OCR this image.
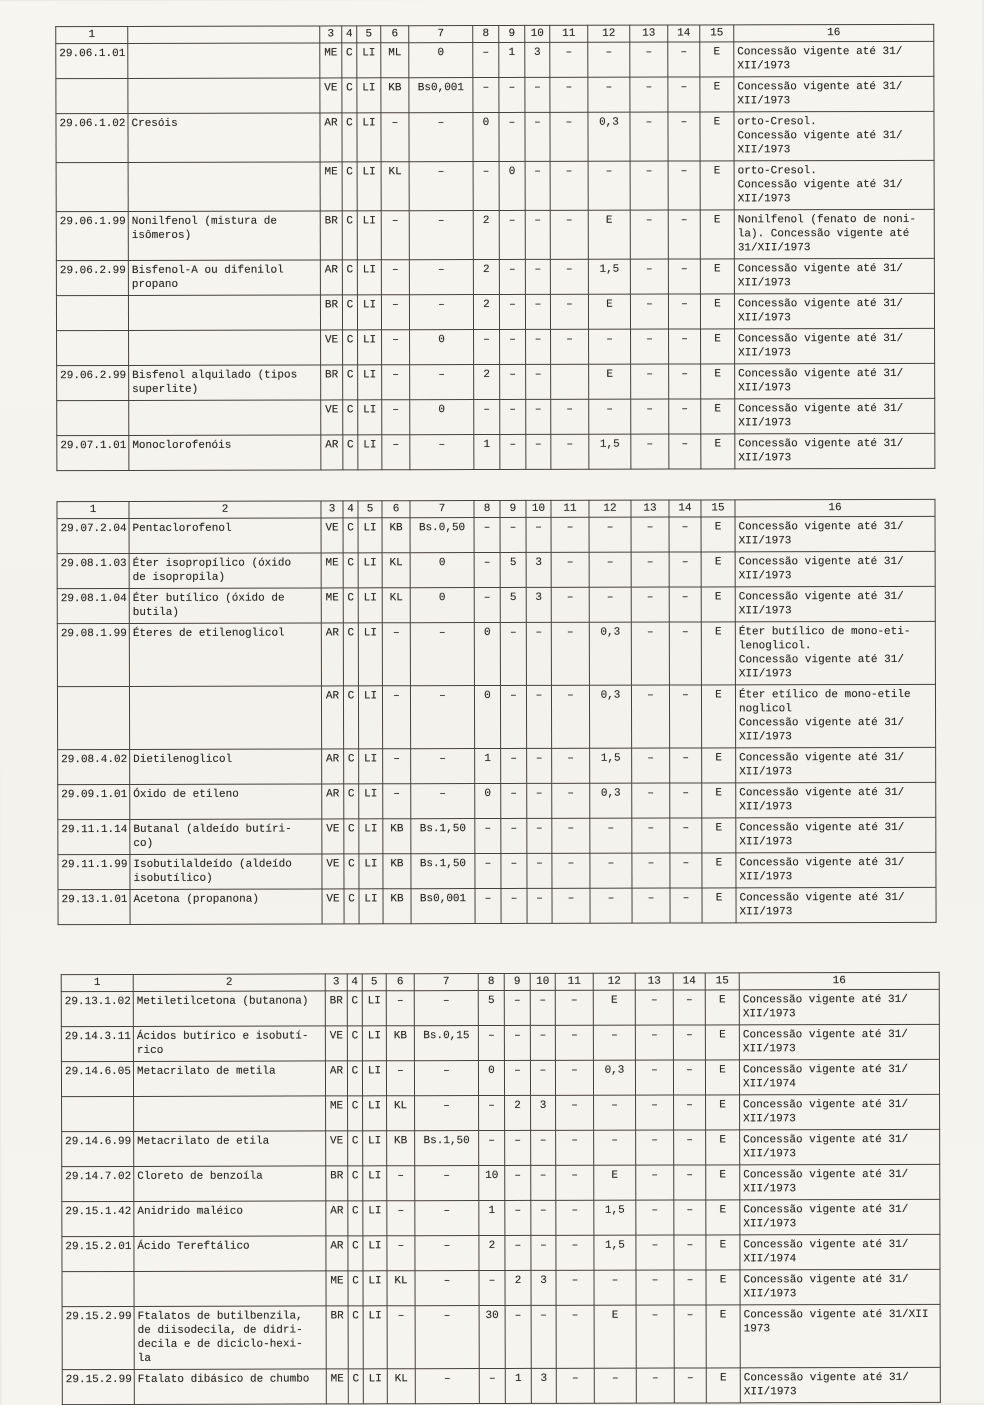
1		3	4	5	6	7	8	9	10	11	12	13	14	15	16
29.06.1.01		ME	C	LI	ML	0	–	1	3	–	–	–	–	E	Concessão vigente até 31/
XII/1973
		VE	C	LI	KB	Bs0,001	–	–	–	–	–	–	–	E	Concessão vigente até 31/
XII/1973
29.06.1.02	Cresóis	AR	C	LI	–	–	0	–	–	–	0,3	–	–	E	orto-Cresol.
Concessão vigente até 31/
XII/1973
		ME	C	LI	KL	–	–	0	–	–	–	–	–	E	orto-Cresol.
Concessão vigente até 31/
XII/1973
29.06.1.99	Nonilfenol (mistura de
isômeros)	BR	C	LI	–	–	2	–	–	–	E	–	–	E	Nonilfenol (fenato de noni-
la). Concessão vigente até
31/XII/1973
29.06.2.99	Bisfenol-A ou difenilol
propano	AR	C	LI	–	–	2	–	–	–	1,5	–	–	E	Concessão vigente até 31/
XII/1973
		BR	C	LI	–	–	2	–	–	–	E	–	–	E	Concessão vigente até 31/
XII/1973
		VE	C	LI	–	0	–	–	–	–	–	–	–	E	Concessão vigente até 31/
XII/1973
29.06.2.99	Bisfenol alquilado (tipos
superlite)	BR	C	LI	–	–	2	–	–		E	–	–	E	Concessão vigente até 31/
XII/1973
		VE	C	LI	–	0	–	–	–	–	–	–	–	E	Concessão vigente até 31/
XII/1973
29.07.1.01	Monoclorofenóis	AR	C	LI	–	–	1	–	–	–	1,5	–	–	E	Concessão vigente até 31/
XII/1973
1	2	3	4	5	6	7	8	9	10	11	12	13	14	15	16
29.07.2.04	Pentaclorofenol	VE	C	LI	KB	Bs.0,50	–	–	–	–	–	–	–	E	Concessão vigente até 31/
XII/1973
29.08.1.03	Éter isopropílico (óxido
de isopropila)	ME	C	LI	KL	0	–	5	3	–	–	–	–	E	Concessão vigente até 31/
XII/1973
29.08.1.04	Éter butílico (óxido de
butila)	ME	C	LI	KL	0	–	5	3	–	–	–	–	E	Concessão vigente até 31/
XII/1973
29.08.1.99	Éteres de etilenoglicol	AR	C	LI	–	–	0	–	–	–	0,3	–	–	E	Éter butílico de mono-eti-
lenoglicol.
Concessão vigente até 31/
XII/1973
		AR	C	LI	–	–	0	–	–	–	0,3	–	–	E	Éter etílico de mono-etile
noglicol
Concessão vigente até 31/
XII/1973
29.08.4.02	Dietilenoglicol	AR	C	LI	–	–	1	–	–	–	1,5	–	–	E	Concessão vigente até 31/
XII/1973
29.09.1.01	Óxido de etileno	AR	C	LI	–	–	0	–	–	–	0,3	–	–	E	Concessão vigente até 31/
XII/1973
29.11.1.14	Butanal (aldeído butíri-
co)	VE	C	LI	KB	Bs.1,50	–	–	–	–	–	–	–	E	Concessão vigente até 31/
XII/1973
29.11.1.99	Isobutilaldeído (aldeído
isobutílico)	VE	C	LI	KB	Bs.1,50	–	–	–	–	–	–	–	E	Concessão vigente até 31/
XII/1973
29.13.1.01	Acetona (propanona)	VE	C	LI	KB	Bs0,001	–	–	–	–	–	–	–	E	Concessão vigente até 31/
XII/1973
1	2	3	4	5	6	7	8	9	10	11	12	13	14	15	16
29.13.1.02	Metiletilcetona (butanona)	BR	C	LI	–	–	5	–	–	–	E	–	–	E	Concessão vigente até 31/
XII/1973
29.14.3.11	Ácidos butírico e isobutí-
rico	VE	C	LI	KB	Bs.0,15	–	–	–	–	–	–	–	E	Concessão vigente até 31/
XII/1973
29.14.6.05	Metacrilato de metila	AR	C	LI	–	–	0	–	–	–	0,3	–	–	E	Concessão vigente até 31/
XII/1974
		ME	C	LI	KL	–	–	2	3	–	–	–	–	E	Concessão vigente até 31/
XII/1973
29.14.6.99	Metacrilato de etila	VE	C	LI	KB	Bs.1,50	–	–	–	–	–	–	–	E	Concessão vigente até 31/
XII/1973
29.14.7.02	Cloreto de benzoíla	BR	C	LI	–	–	10	–	–	–	E	–	–	E	Concessão vigente até 31/
XII/1973
29.15.1.42	Anidrido maléico	AR	C	LI	–	–	1	–	–	–	1,5	–	–	E	Concessão vigente até 31/
XII/1973
29.15.2.01	Ácido Tereftálico	AR	C	LI	–	–	2	–	–	–	1,5	–	–	E	Concessão vigente até 31/
XII/1974
		ME	C	LI	KL	–	–	2	3	–	–	–	–	E	Concessão vigente até 31/
XII/1973
29.15.2.99	Ftalatos de butilbenzila,
de diisodecila, de didri-
decila e de diciclo-hexi-
la	BR	C	LI	–	–	30	–	–	–	E	–	–	E	Concessão vigente até 31/XII
1973
29.15.2.99	Ftalato dibásico de chumbo	ME	C	LI	KL	–	–	1	3	–	–	–	–	E	Concessão vigente até 31/
XII/1973
